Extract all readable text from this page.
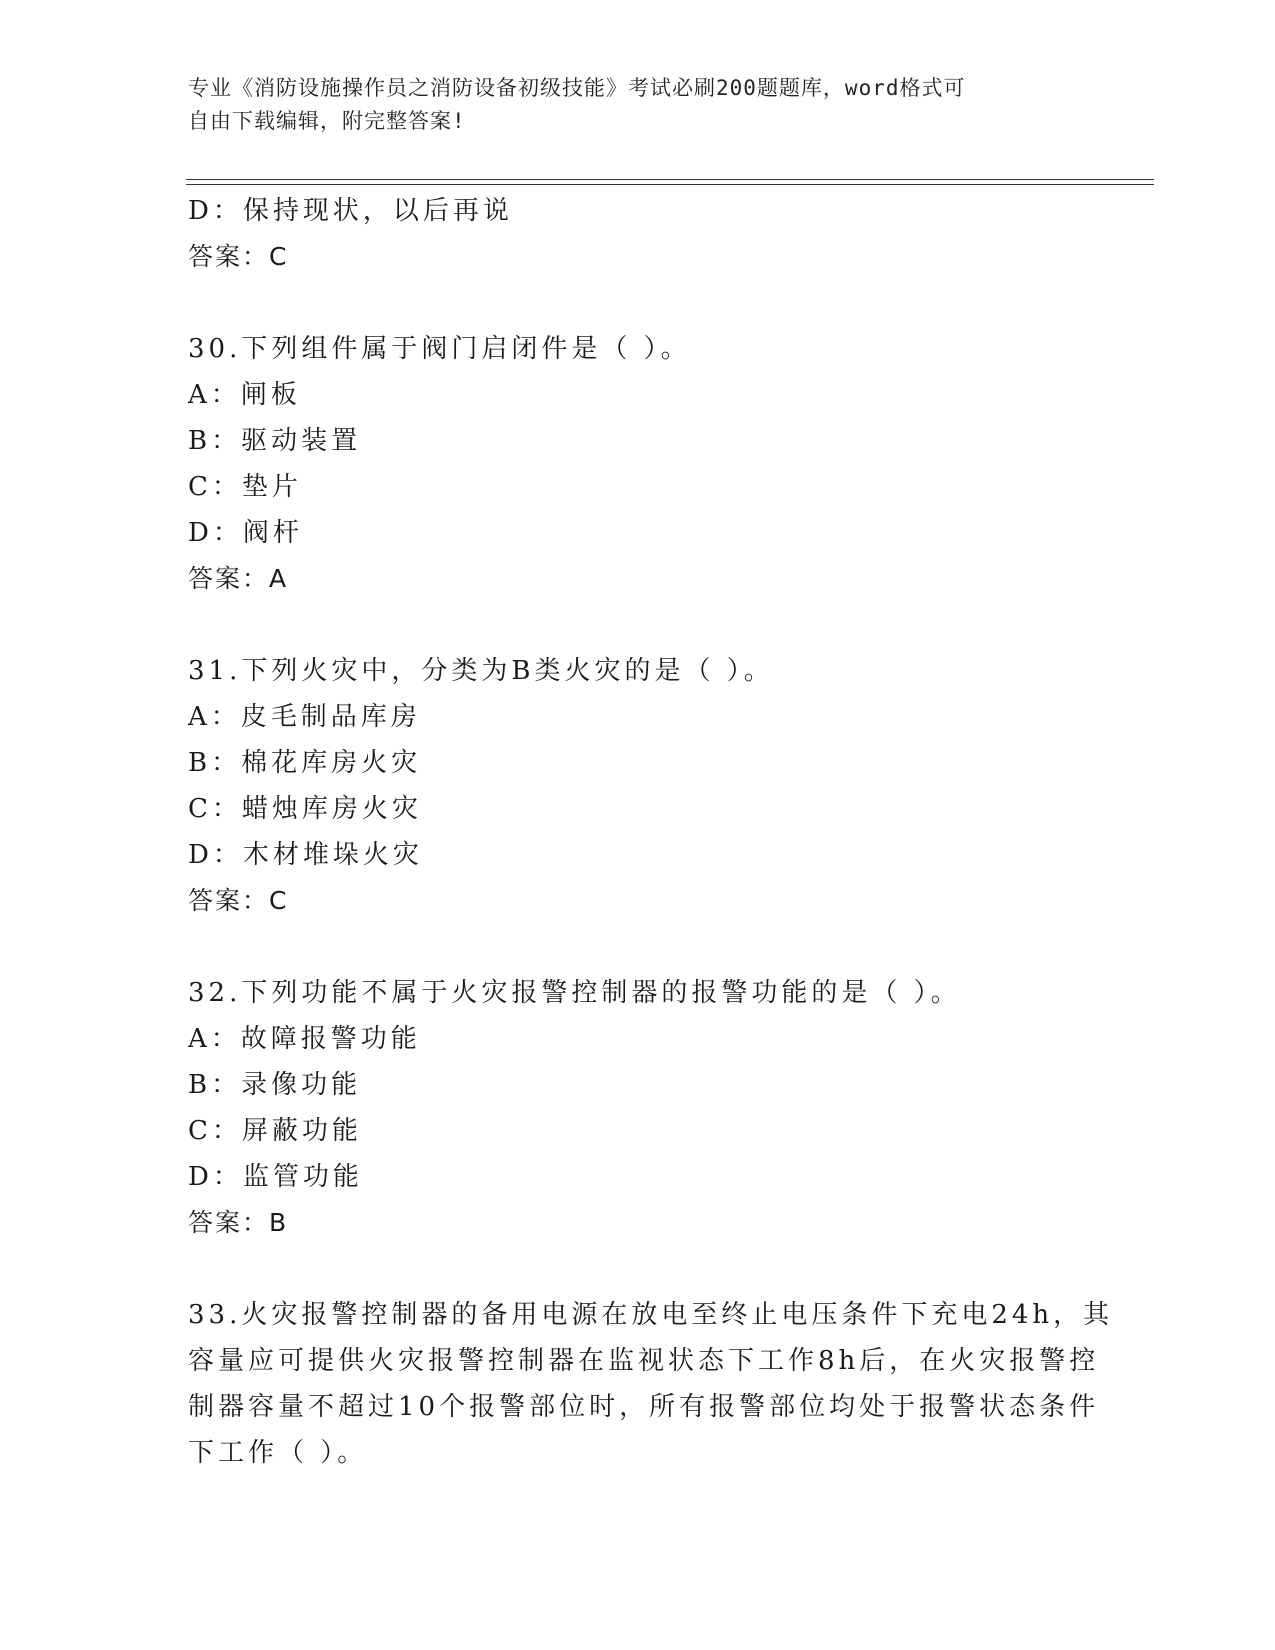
专业《消防设施操作员之消防设备初级技能》考试必刷200题题库，word格式可
自由下载编辑，附完整答案!
D：保持现状，以后再说
答案：C
30.下列组件属于阀门启闭件是（ ）。
A：闸板
B：驱动装置
C：垫片
D：阀杆
答案：A
31.下列火灾中，分类为B类火灾的是（ ）。
A：皮毛制品库房
B：棉花库房火灾
C：蜡烛库房火灾
D：木材堆垛火灾
答案：C
32.下列功能不属于火灾报警控制器的报警功能的是（ ）。
A：故障报警功能
B：录像功能
C：屏蔽功能
D：监管功能
答案：B
33.火灾报警控制器的备用电源在放电至终止电压条件下充电24h，其
容量应可提供火灾报警控制器在监视状态下工作8h后，在火灾报警控
制器容量不超过10个报警部位时，所有报警部位均处于报警状态条件
下工作（ ）。
